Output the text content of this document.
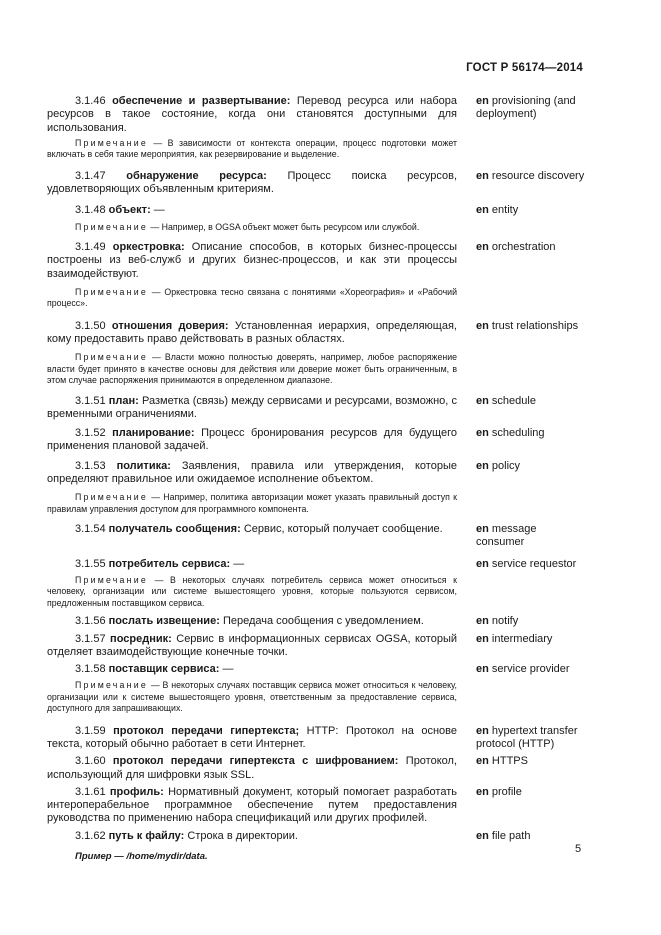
ГОСТ Р 56174—2014
3.1.46 обеспечение и развертывание: Перевод ресурса или набора ресурсов в такое состояние, когда они становятся доступными для использования.
en provisioning (and deployment)
Примечание — В зависимости от контекста операции, процесс подготовки может включать в себя такие мероприятия, как резервирование и выделение.
3.1.47 обнаружение ресурса: Процесс поиска ресурсов, удовлетворяющих объявленным критериям.
en resource discovery
3.1.48 объект: —	en entity
Примечание — Например, в OGSA объект может быть ресурсом или службой.
3.1.49 оркестровка: Описание способов, в которых бизнес-процессы построены из веб-служб и других бизнес-процессов, и как эти процессы взаимодействуют.
en orchestration
Примечание — Оркестровка тесно связана с понятиями «Хореография» и «Рабочий процесс».
3.1.50 отношения доверия: Установленная иерархия, определяющая, кому предоставить право действовать в разных областях.
en trust relationships
Примечание — Власти можно полностью доверять, например, любое распоряжение власти будет принято в качестве основы для действия или доверие может быть ограниченным, в этом случае распоряжения принимаются в определенном диапазоне.
3.1.51 план: Разметка (связь) между сервисами и ресурсами, возможно, с временными ограничениями.
en schedule
3.1.52 планирование: Процесс бронирования ресурсов для будущего применения плановой задачей.
en scheduling
3.1.53 политика: Заявления, правила или утверждения, которые определяют правильное или ожидаемое исполнение объектом.
en policy
Примечание — Например, политика авторизации может указать правильный доступ к правилам управления доступом для программного компонента.
3.1.54 получатель сообщения: Сервис, который получает сообщение.	en message consumer
3.1.55 потребитель сервиса: —	en service requestor
Примечание — В некоторых случаях потребитель сервиса может относиться к человеку, организации или системе вышестоящего уровня, которые пользуются сервисом, предложенным поставщиком сервиса.
3.1.56 послать извещение: Передача сообщения с уведомлением.	en notify
3.1.57 посредник: Сервис в информационных сервисах OGSA, который отделяет взаимодействующие конечные точки.
en intermediary
3.1.58 поставщик сервиса: —	en service provider
Примечание — В некоторых случаях поставщик сервиса может относиться к человеку, организации или к системе вышестоящего уровня, ответственным за предоставление сервиса, доступного для запрашивающих.
3.1.59 протокол передачи гипертекста; HTTP: Протокол на основе текста, который обычно работает в сети Интернет.
en hypertext transfer protocol (HTTP)
3.1.60 протокол передачи гипертекста с шифрованием: Протокол, использующий для шифровки язык SSL.
en HTTPS
3.1.61 профиль: Нормативный документ, который помогает разработать интероперабельное программное обеспечение путем предоставления руководства по применению набора спецификаций или других профилей.
en profile
3.1.62 путь к файлу: Строка в директории.	en file path
Пример — /home/mydir/data.
5
